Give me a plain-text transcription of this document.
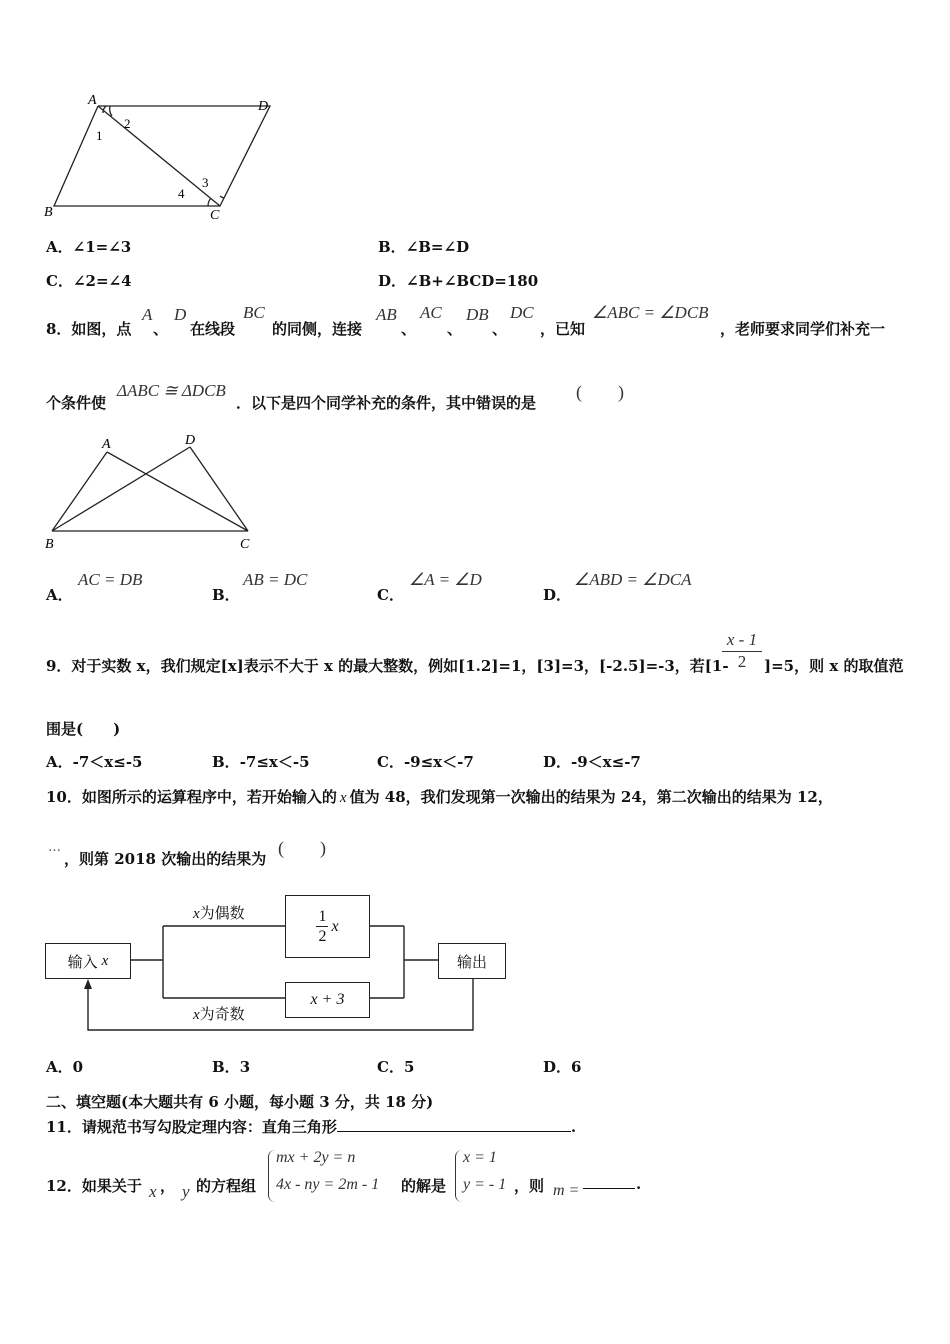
A	D
B	C
1
2
3
4
A．∠1=∠3	B．∠B=∠D
C．∠2=∠4	D．∠B+∠BCD=180
8．如图，点
A
、
D
在线段
BC
的同侧，连接
AB
、
AC
、
DB
、
DC
，已知
∠ABC = ∠DCB
，老师要求同学们补充一
个条件使
ΔABC ≅ ΔDCB
．以下是四个同学补充的条件，其中错误的是
(　　)
A	D
B	C
A．
AC = DB
B．
AB = DC
C．
∠A = ∠D
D．
∠ABD = ∠DCA
9．对于实数 x，我们规定[x]表示不大于 x 的最大整数，例如[1.2]=1，[3]=3，[-2.5]=-3，若[1-
$\frac{x - 1}{2} ]=5$，则 x 的取值范
围是(　　)
A．-7＜x≤-5	B．-7≤x＜-5	C．-9≤x＜-7	D．-9＜x≤-7
10．如图所示的运算程序中，若开始输入的 x 值为 48，我们发现第一次输出的结果为 24，第二次输出的结果为 12，
…
，则第 2018 次输出的结果为
(　　)
输入 x
x为偶数
x为奇数
$\frac{1}{2}$ x
x + 3
输出
A．0	B．3	C．5	D．6
二、填空题(本大题共有 6 小题，每小题 3 分，共 18 分)
11．请规范书写勾股定理内容：直角三角形	.
12．如果关于 x ， y 的方程组
mx + 2y = n
4x - ny = 2m - 1 的解是
x = 1
y = - 1 ，则 m =	.
